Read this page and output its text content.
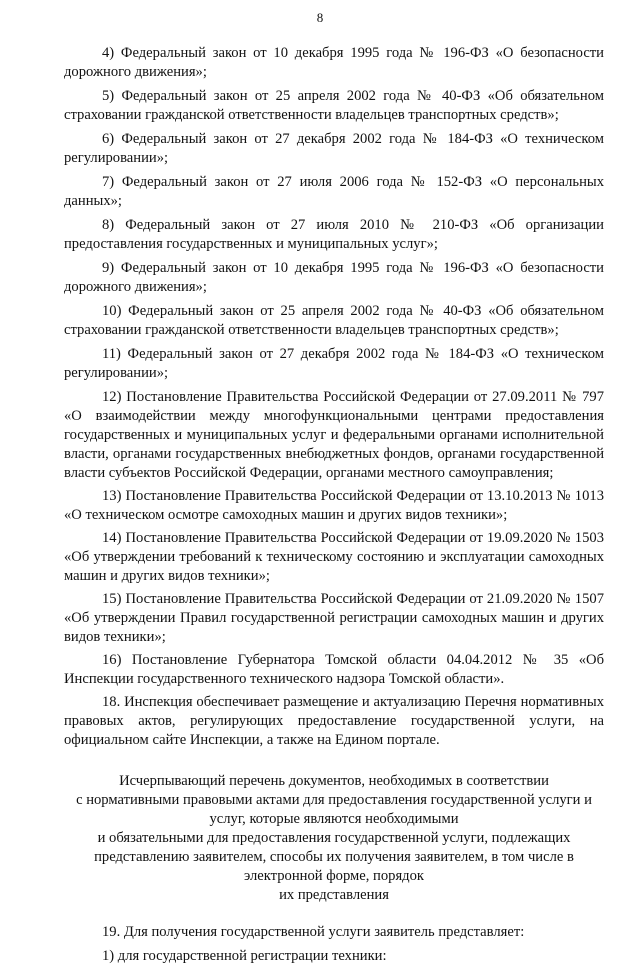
8

4) Федеральный закон от 10 декабря 1995 года № 196-ФЗ «О безопасности дорожного движения»;

5) Федеральный закон от 25 апреля 2002 года № 40-ФЗ «Об обязательном страховании гражданской ответственности владельцев транспортных средств»;

6) Федеральный закон от 27 декабря 2002 года № 184-ФЗ «О техническом регулировании»;

7) Федеральный закон от 27 июля 2006 года № 152-ФЗ «О персональных данных»;

8) Федеральный закон от 27 июля 2010 № 210-ФЗ «Об организации предоставления государственных и муниципальных услуг»;

9) Федеральный закон от 10 декабря 1995 года № 196-ФЗ «О безопасности дорожного движения»;

10) Федеральный закон от 25 апреля 2002 года № 40-ФЗ «Об обязательном страховании гражданской ответственности владельцев транспортных средств»;

11) Федеральный закон от 27 декабря 2002 года № 184-ФЗ «О техническом регулировании»;

12) Постановление Правительства Российской Федерации от 27.09.2011 № 797 «О взаимодействии между многофункциональными центрами предоставления государственных и муниципальных услуг и федеральными органами исполнительной власти, органами государственных внебюджетных фондов, органами государственной власти субъектов Российской Федерации, органами местного самоуправления;

13) Постановление Правительства Российской Федерации от 13.10.2013 № 1013 «О техническом осмотре самоходных машин и других видов техники»;

14) Постановление Правительства Российской Федерации от 19.09.2020 № 1503 «Об утверждении требований к техническому состоянию и эксплуатации самоходных машин и других видов техники»;

15) Постановление Правительства Российской Федерации от 21.09.2020 № 1507 «Об утверждении Правил государственной регистрации самоходных машин и других видов техники»;

16) Постановление Губернатора Томской области 04.04.2012 № 35 «Об Инспекции государственного технического надзора Томской области».

18. Инспекция обеспечивает размещение и актуализацию Перечня нормативных правовых актов, регулирующих предоставление государственной услуги, на официальном сайте Инспекции, а также на Едином портале.

Исчерпывающий перечень документов, необходимых в соответствии
с нормативными правовыми актами для предоставления государственной услуги и
услуг, которые являются необходимыми
и обязательными для предоставления государственной услуги, подлежащих
представлению заявителем, способы их получения заявителем, в том числе в
электронной форме, порядок
их представления

19. Для получения государственной услуги заявитель представляет:

1) для государственной регистрации техники:
